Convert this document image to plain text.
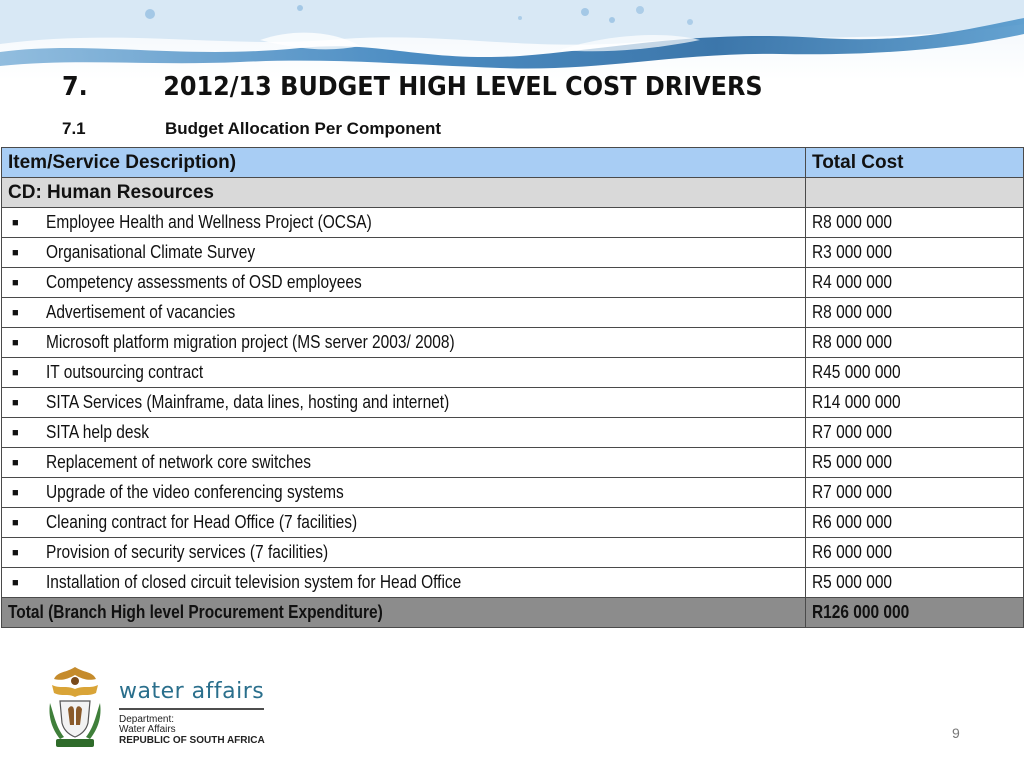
7.	2012/13 BUDGET HIGH LEVEL COST DRIVERS
7.1	Budget Allocation Per Component
Item/Service Description)	Total Cost
CD: Human Resources	
■ Employee Health and Wellness Project (OCSA)	R8 000 000
■ Organisational Climate Survey	R3 000 000
■ Competency assessments of OSD employees	R4 000 000
■ Advertisement of vacancies	R8 000 000
■ Microsoft platform migration project (MS server 2003/ 2008)	R8 000 000
■ IT outsourcing contract	R45 000 000
■ SITA Services (Mainframe, data lines, hosting and internet)	R14 000 000
■ SITA help desk	R7 000 000
■ Replacement of network core switches	R5 000 000
■ Upgrade of the video conferencing systems	R7 000 000
■ Cleaning contract for Head Office (7 facilities)	R6 000 000
■ Provision of security services (7 facilities)	R6 000 000
■ Installation of closed circuit television system for Head Office	R5 000 000
Total (Branch High level Procurement Expenditure)	R126 000 000
water affairs
Department:
Water Affairs
REPUBLIC OF SOUTH AFRICA	9
